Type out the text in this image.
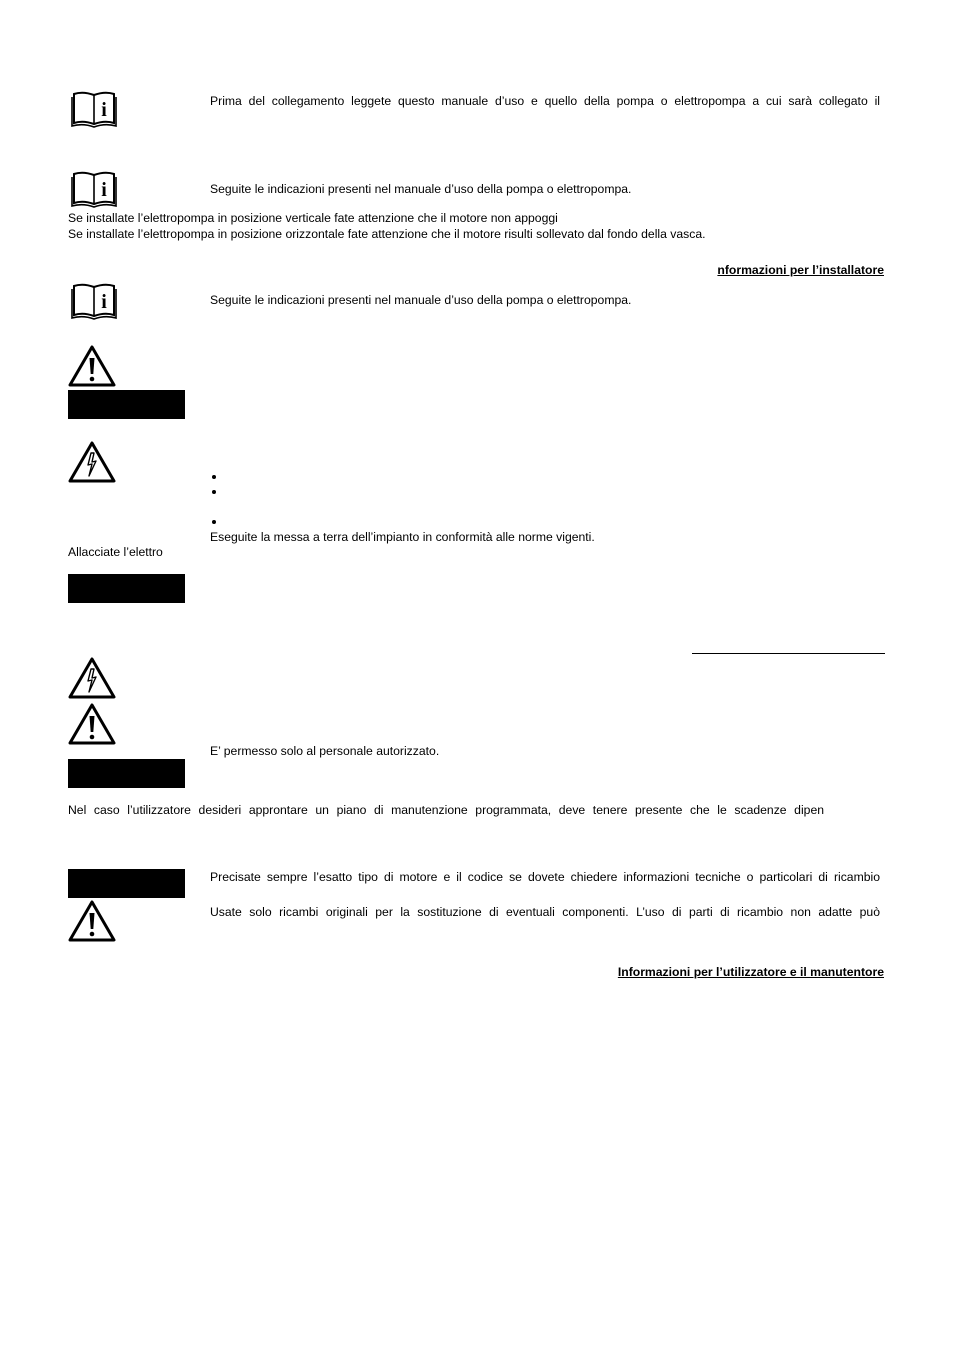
i	Prima del collegamento leggete questo manuale d’uso e quello della pompa o elettropompa a cui sarà collegato il
i	Seguite le indicazioni presenti nel manuale d’uso della pompa o elettropompa.
Se installate l’elettropompa in posizione verticale fate attenzione che il motore non appoggi
Se installate l’elettropompa in posizione orizzontale fate attenzione che il motore risulti sollevato dal fondo della vasca.
nformazioni per l’installatore
i	Seguite le indicazioni presenti nel manuale d’uso della pompa o elettropompa.
Eseguite la messa a terra dell’impianto in conformità alle norme vigenti.
Allacciate l’elettro
E’ permesso solo al personale autorizzato.
Nel caso l’utilizzatore desideri approntare un piano di manutenzione programmata, deve tenere presente che le scadenze dipen
Precisate sempre l’esatto tipo di motore e il codice se dovete chiedere informazioni tecniche o particolari di ricambio
Usate solo ricambi originali per la sostituzione di eventuali componenti. L’uso di parti di ricambio non adatte può
Informazioni per l’utilizzatore e il manutentore
